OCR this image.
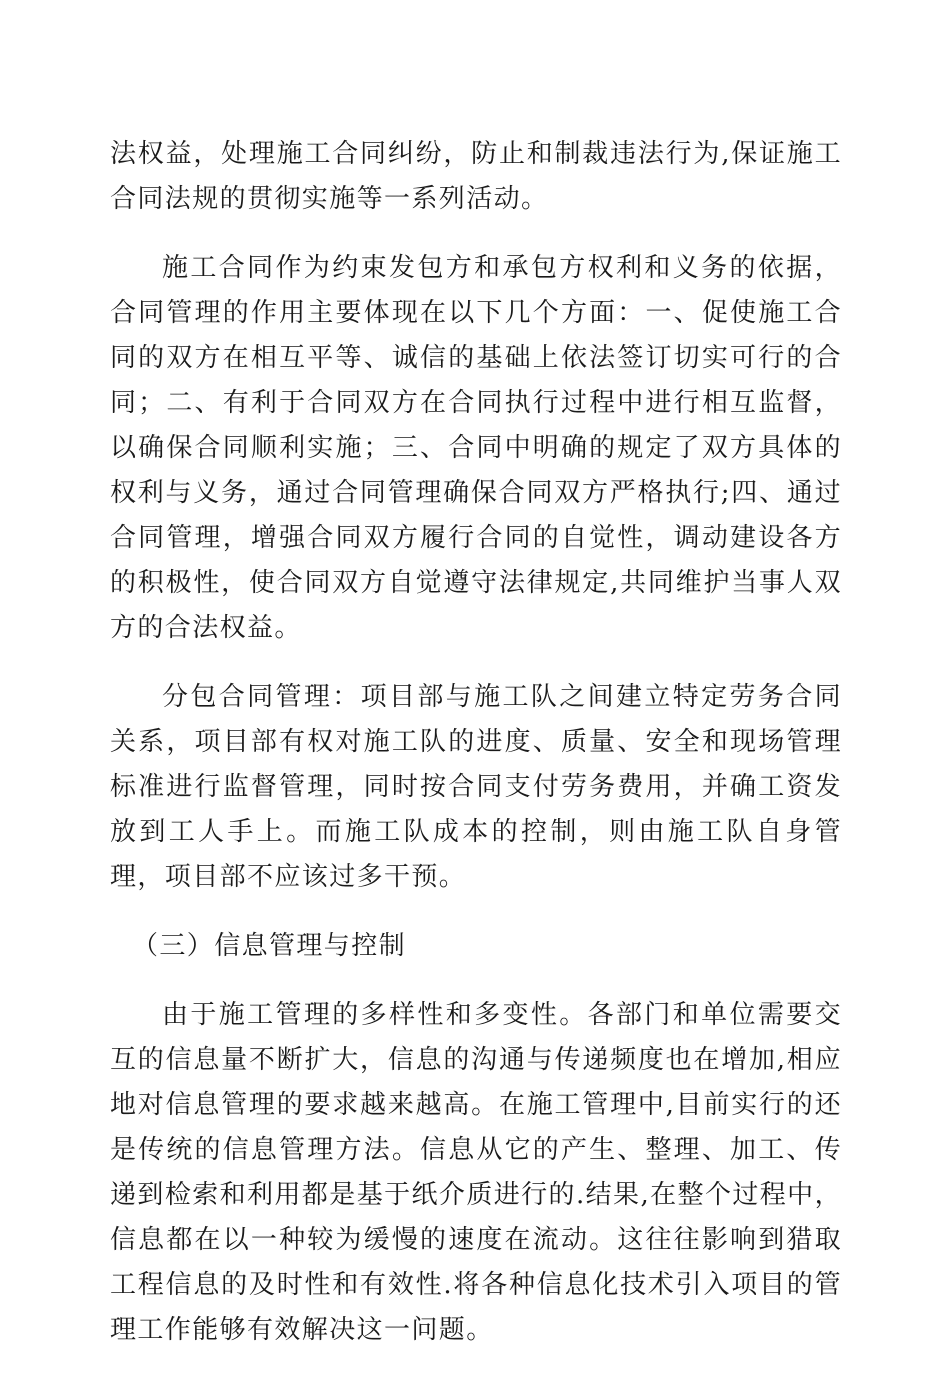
法权益，处理施工合同纠纷，防止和制裁违法行为,保证施工合同法规的贯彻实施等一系列活动。

施工合同作为约束发包方和承包方权利和义务的依据，合同管理的作用主要体现在以下几个方面：一、促使施工合同的双方在相互平等、诚信的基础上依法签订切实可行的合同；二、有利于合同双方在合同执行过程中进行相互监督，以确保合同顺利实施；三、合同中明确的规定了双方具体的权利与义务，通过合同管理确保合同双方严格执行;四、通过合同管理，增强合同双方履行合同的自觉性，调动建设各方的积极性，使合同双方自觉遵守法律规定,共同维护当事人双方的合法权益。

分包合同管理：项目部与施工队之间建立特定劳务合同关系，项目部有权对施工队的进度、质量、安全和现场管理标准进行监督管理，同时按合同支付劳务费用，并确工资发放到工人手上。而施工队成本的控制，则由施工队自身管理，项目部不应该过多干预。

（三）信息管理与控制

由于施工管理的多样性和多变性。各部门和单位需要交互的信息量不断扩大，信息的沟通与传递频度也在增加,相应地对信息管理的要求越来越高。在施工管理中,目前实行的还是传统的信息管理方法。信息从它的产生、整理、加工、传递到检索和利用都是基于纸介质进行的.结果,在整个过程中，信息都在以一种较为缓慢的速度在流动。这往往影响到猎取工程信息的及时性和有效性.将各种信息化技术引入项目的管理工作能够有效解决这一问题。
